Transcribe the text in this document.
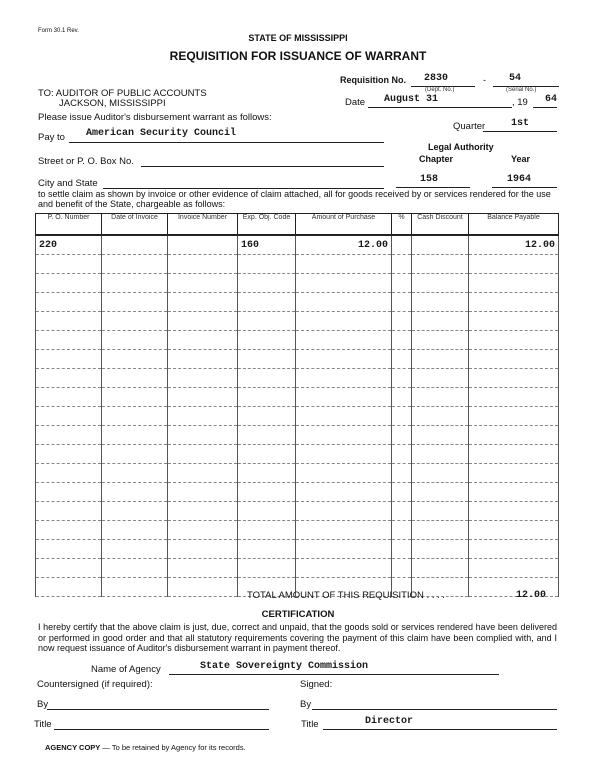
Form 30.1 Rev.
STATE OF MISSISSIPPI
REQUISITION FOR ISSUANCE OF WARRANT
Requisition No. 2830	- 54
(Dept. No.)	(Serial No.)
TO: AUDITOR OF PUBLIC ACCOUNTS
JACKSON, MISSISSIPPI
Please issue Auditor's disbursement warrant as follows:
Date August 31	, 19 64
Quarter	1st
Pay to American Security Council
Legal Authority
Chapter	Year
Street or P. O. Box No.
City and State	158	1964
to settle claim as shown by invoice or other evidence of claim attached, all for goods received by or services rendered for the use and benefit of the State, chargeable as follows:
P. O. Number	Date of Invoice	Invoice Number	Exp. Obj. Code	Amount of Purchase	%	Cash Discount	Balance Payable
220			160	12.00			12.00

TOTAL AMOUNT OF THIS REQUISITION . . . .	12.00
CERTIFICATION
I hereby certify that the above claim is just, due, correct and unpaid, that the goods sold or services rendered have been delivered or performed in good order and that all statutory requirements covering the payment of this claim have been complied with, and I now request issuance of Auditor's disbursement warrant in payment thereof.
Name of Agency	State Sovereignty Commission
Countersigned (if required):	Signed:
By	By
Title	Title	Director
AGENCY COPY — To be retained by Agency for its records.
